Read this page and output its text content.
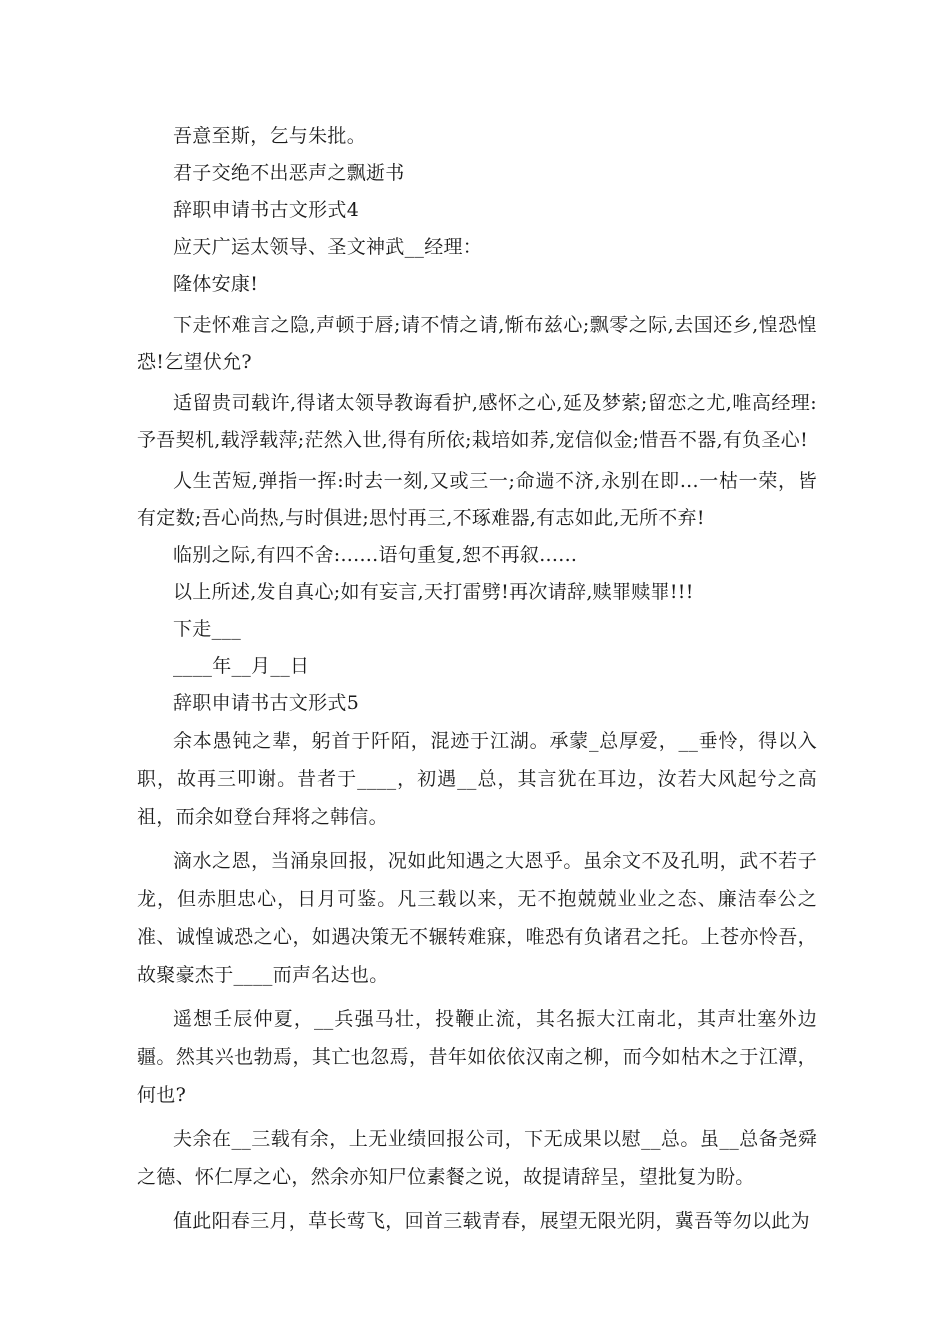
吾意至斯，乞与朱批。
君子交绝不出恶声之飘逝书
辞职申请书古文形式4
应天广运太领导、圣文神武__经理：
隆体安康!

下走怀难言之隐,声顿于唇;请不情之请,惭布兹心;飘零之际,去国还乡,惶恐惶恐!乞望伏允?

适留贵司载许,得诸太领导教诲看护,感怀之心,延及梦萦;留恋之尤,唯高经理:予吾契机,载浮载萍;茫然入世,得有所依;栽培如荞,宠信似金;惜吾不器,有负圣心!

人生苦短,弹指一挥:时去一刻,又或三一;命遄不济,永别在即...一枯一荣，皆有定数;吾心尚热,与时俱进;思忖再三,不琢难器,有志如此,无所不弃!

临别之际,有四不舍:......语句重复,恕不再叙......

以上所述,发自真心;如有妄言,天打雷劈!再次请辞,赎罪赎罪!!!

下走___
____年__月__日
辞职申请书古文形式5

余本愚钝之辈，躬首于阡陌，混迹于江湖。承蒙_总厚爱，__垂怜，得以入职，故再三叩谢。昔者于____，初遇__总，其言犹在耳边，汝若大风起兮之高祖，而余如登台拜将之韩信。

滴水之恩，当涌泉回报，况如此知遇之大恩乎。虽余文不及孔明，武不若子龙，但赤胆忠心，日月可鉴。凡三载以来，无不抱兢兢业业之态、廉洁奉公之准、诚惶诚恐之心，如遇决策无不辗转难寐，唯恐有负诸君之托。上苍亦怜吾，故聚豪杰于____而声名达也。

遥想壬辰仲夏，__兵强马壮，投鞭止流，其名振大江南北，其声壮塞外边疆。然其兴也勃焉，其亡也忽焉，昔年如依依汉南之柳，而今如枯木之于江潭，何也?

夫余在__三载有余，上无业绩回报公司，下无成果以慰__总。虽__总备尧舜之德、怀仁厚之心，然余亦知尸位素餐之说，故提请辞呈，望批复为盼。

值此阳春三月，草长莺飞，回首三载青春，展望无限光阴，冀吾等勿以此为
